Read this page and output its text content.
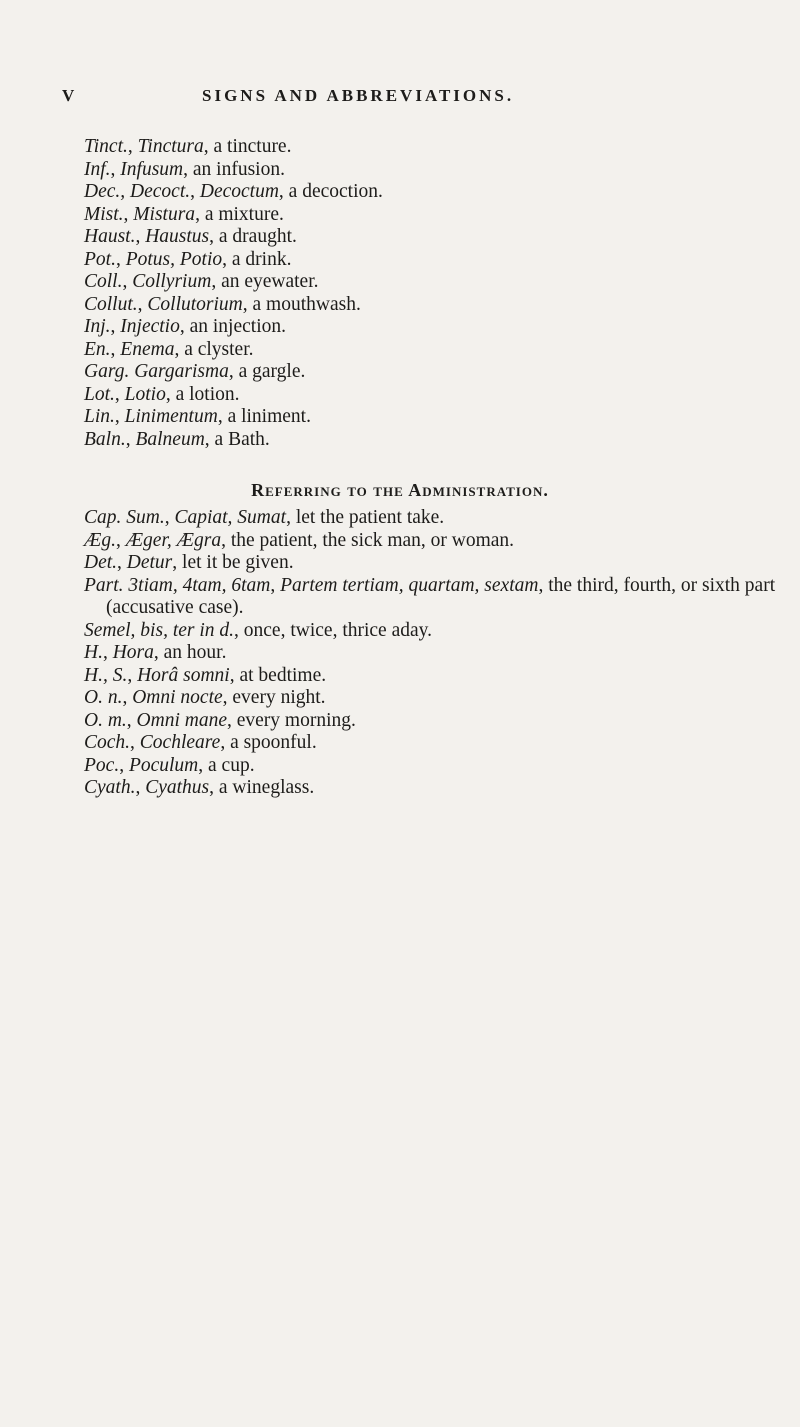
V	SIGNS AND ABBREVIATIONS.

Tinct., Tinctura, a tincture.

Inf., Infusum, an infusion.

Dec., Decoct., Decoctum, a decoction.

Mist., Mistura, a mixture.

Haust., Haustus, a draught.

Pot., Potus, Potio, a drink.

Coll., Collyrium, an eyewater.

Collut., Collutorium, a mouthwash.

Inj., Injectio, an injection.

En., Enema, a clyster.

Garg. Gargarisma, a gargle.

Lot., Lotio, a lotion.

Lin., Linimentum, a liniment.

Baln., Balneum, a Bath.

Referring to the Administration.

Cap. Sum., Capiat, Sumat, let the patient take.

Æg., Æger, Ægra, the patient, the sick man, or woman.

Det., Detur, let it be given.

Part. 3tiam, 4tam, 6tam, Partem tertiam, quartam, sextam, the third, fourth, or sixth part (accusative case).

Semel, bis, ter in d., once, twice, thrice aday.

H., Hora, an hour.

H., S., Horâ somni, at bedtime.

O. n., Omni nocte, every night.

O. m., Omni mane, every morning.

Coch., Cochleare, a spoonful.

Poc., Poculum, a cup.

Cyath., Cyathus, a wineglass.
